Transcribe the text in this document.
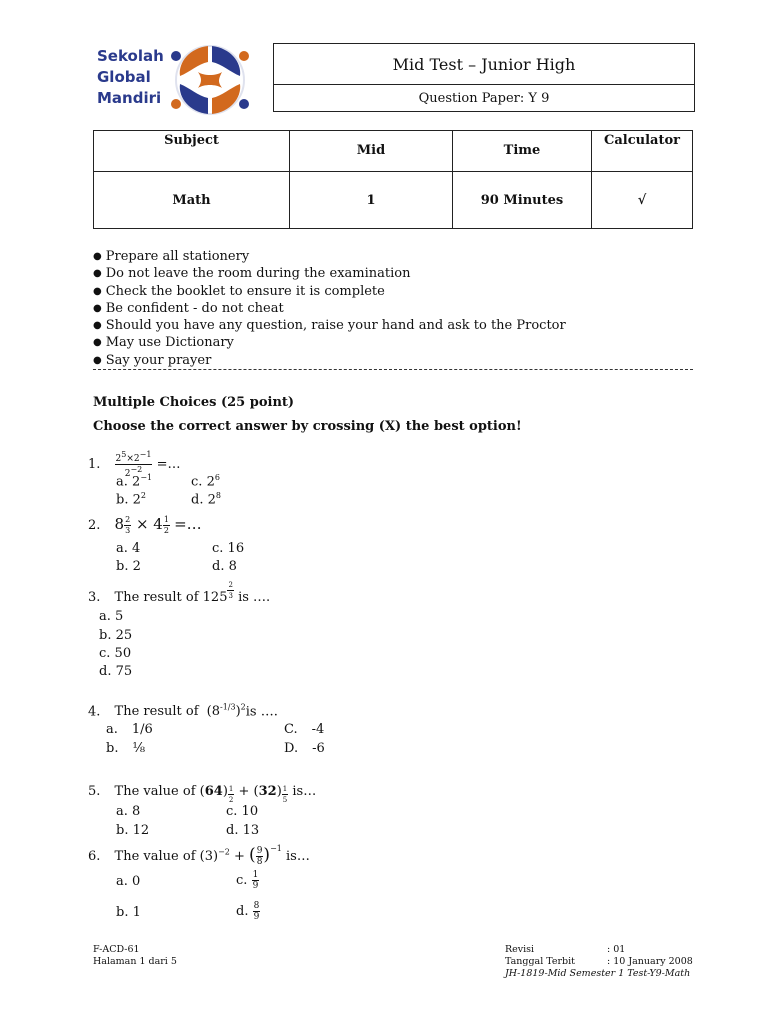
Sekolah
Global
Mandiri
Mid Test – Junior High
Question Paper: Y 9
Subject	Mid	Time	Calculator
Math	1	90 Minutes	√
● Prepare all stationery
● Do not leave the room during the examination
● Check the booklet to ensure it is complete
● Be confident - do not cheat
● Should you have any question, raise your hand and ask to the Proctor
● May use Dictionary
● Say your prayer
Multiple Choices (25 point)
Choose the correct answer by crossing (X) the best option!
1. $\frac{2^5\times 2^{-1}}{2^{-2}}$ =…
a. $2^{-1}$	c. $2^6$
b. $2^2$	d. $2^8$
2. $8 \frac{2}{3} \times 4 \frac{1}{2}$ =…
a. 4	c. 16
b. 2	d. 8
3. The result of $125 \frac{2}{3}$ is ….
a. 5
b. 25
c. 50
d. 75
4. The result of $(8^{-1/3})^2is$ ….
a. 1/6	C. -4
b. ⅛	D. -6
5. The value of $(64) \frac{1}{2} + (32) \frac{1}{5}$ is…
a. 8	c. 10
b. 12	d. 13
6. The value of $(3)^{-2}$ + ( $\frac{9}{8} )^{-1}$ is…
a. 0	c. $\frac{1}{9}$
b. 1	d. $\frac{8}{9}$
F-ACD-61
Halaman 1 dari 5
Revisi	: 01
Tanggal Terbit	: 10 January 2008
JH-1819-Mid Semester 1 Test-Y9-Math
